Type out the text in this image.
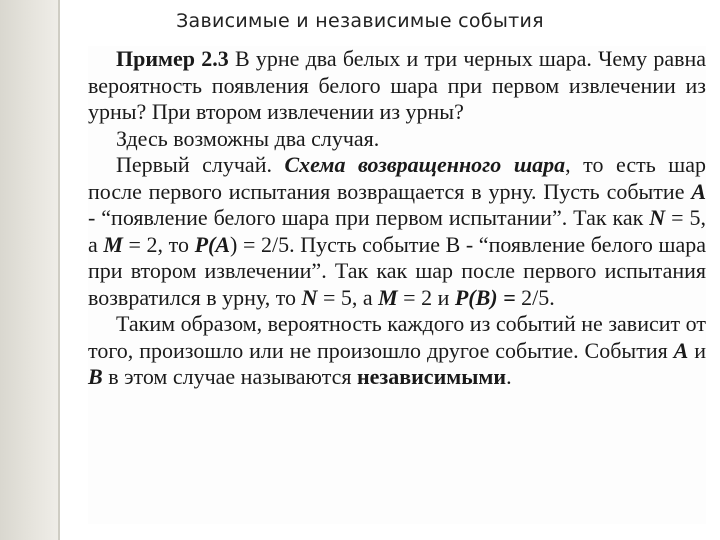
Зависимые и независимые события

Пример 2.3 В урне два белых и три черных шара. Чему равна вероятность появления белого шара при первом извлечении из урны? При втором извлечении из урны?

Здесь возможны два случая.

Первый случай. Схема возвращенного шара, то есть шар после первого испытания возвращается в урну. Пусть событие А - “появление белого шара при первом испытании”. Так как N = 5, а M = 2, то P(A) = 2/5. Пусть событие В - “появление белого шара при втором извлечении”. Так как шар после первого испытания возвратился в урну, то N = 5, а M = 2 и P(B) = 2/5.

Таким образом, вероятность каждого из событий не зависит от того, произошло или не произошло другое событие. События А и В в этом случае называются независимыми.
